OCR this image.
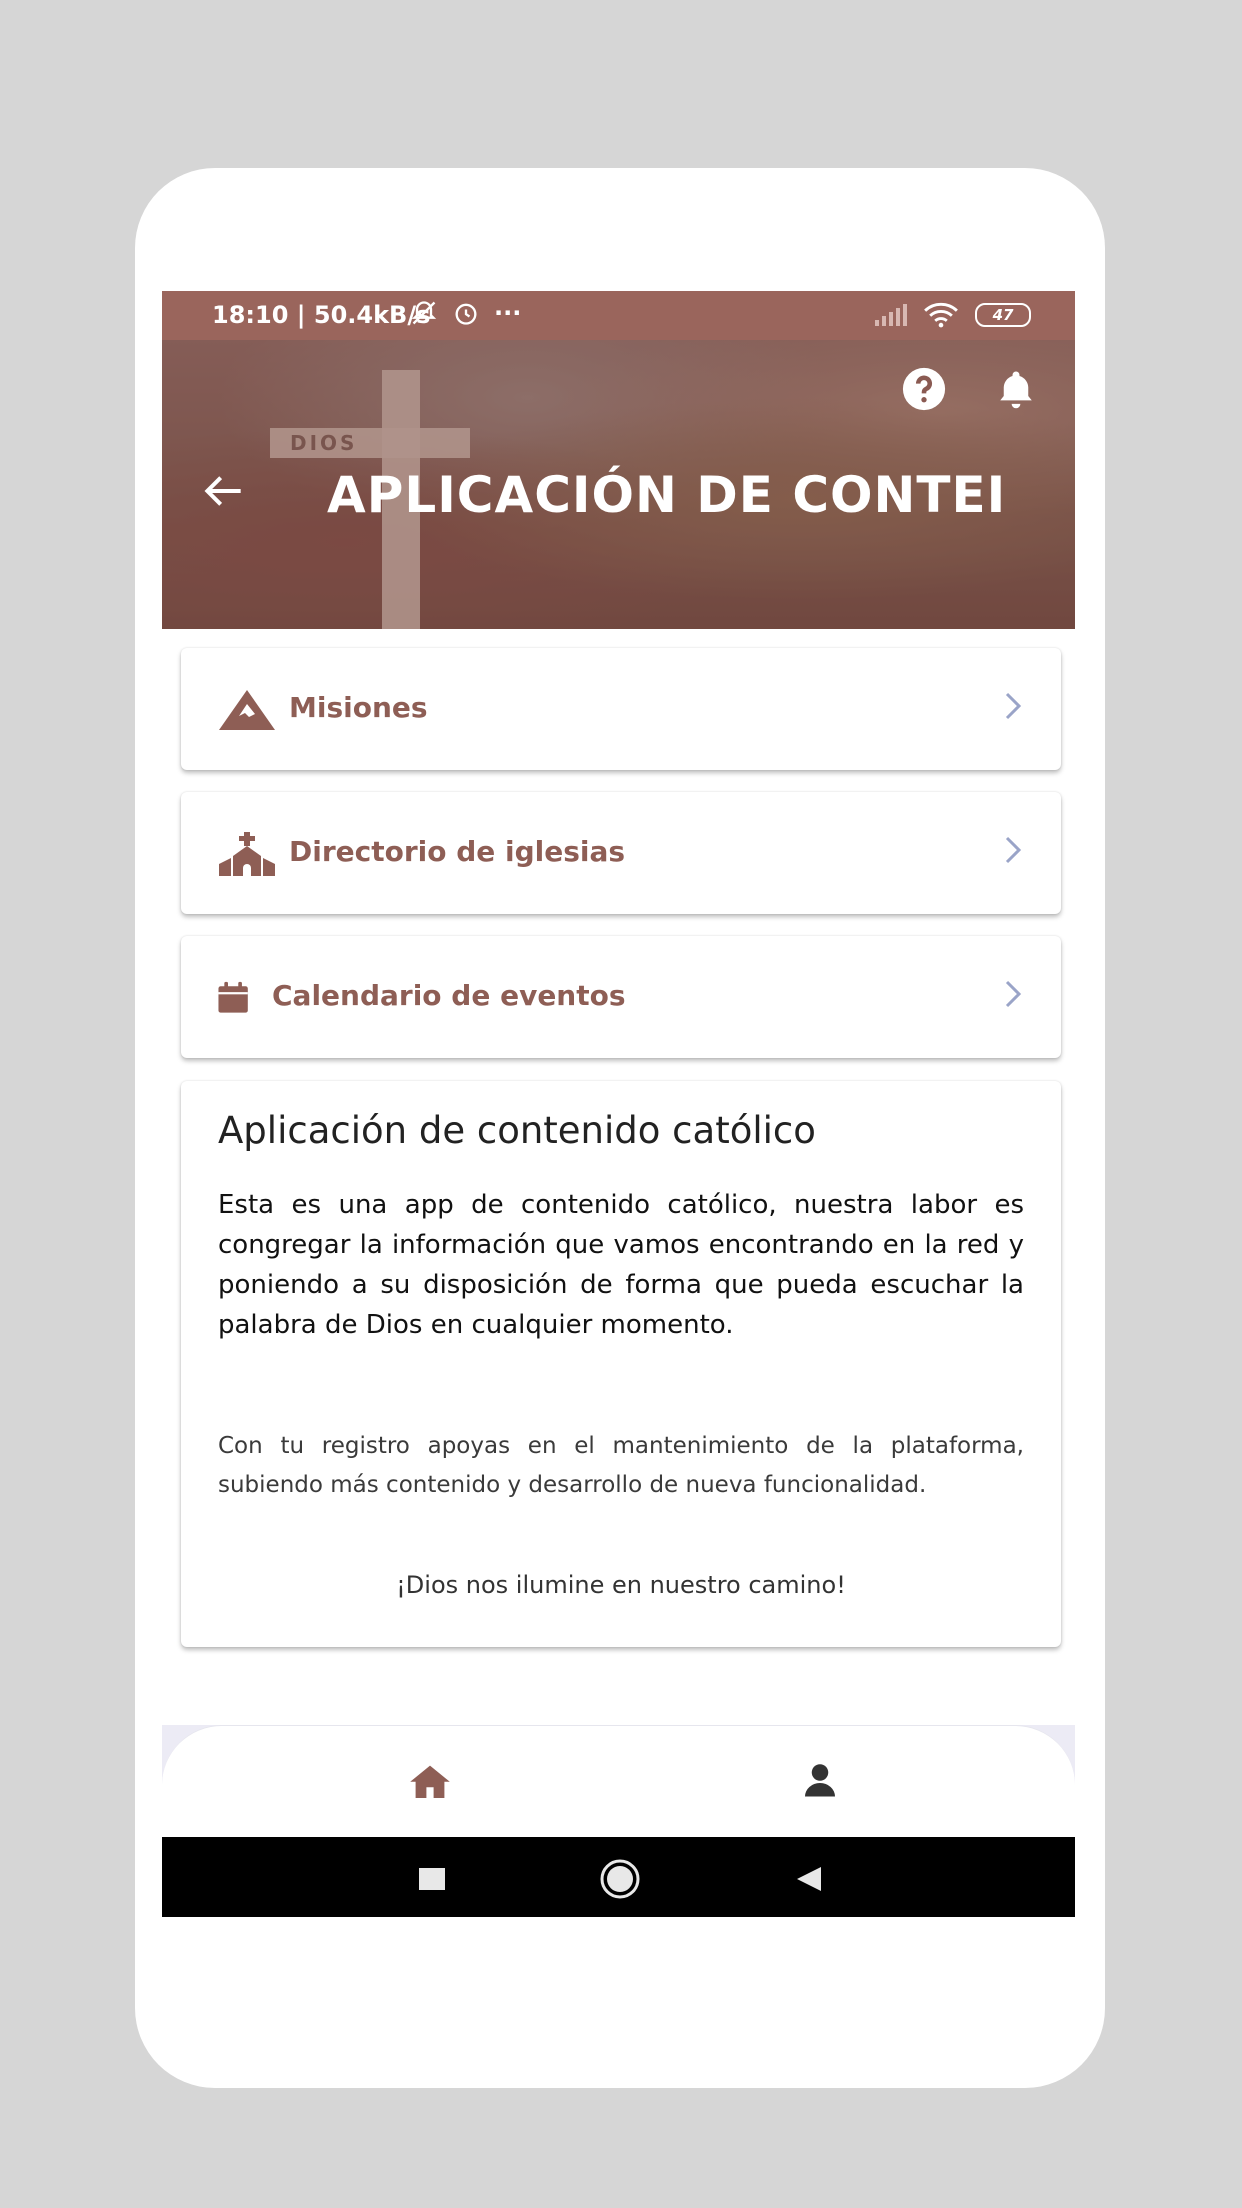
18:10 | 50.4kB/s	···	47
DIOS
APLICACIÓN DE CONTEI
Misiones
Directorio de iglesias
Calendario de eventos
Aplicación de contenido católico
Esta es una app de contenido católico, nuestra labor es congregar la información que vamos encontrando en la red y poniendo a su disposición de forma que pueda escuchar la palabra de Dios en cualquier momento.
Con tu registro apoyas en el mantenimiento de la plataforma, subiendo más contenido y desarrollo de nueva funcionalidad.
¡Dios nos ilumine en nuestro camino!
